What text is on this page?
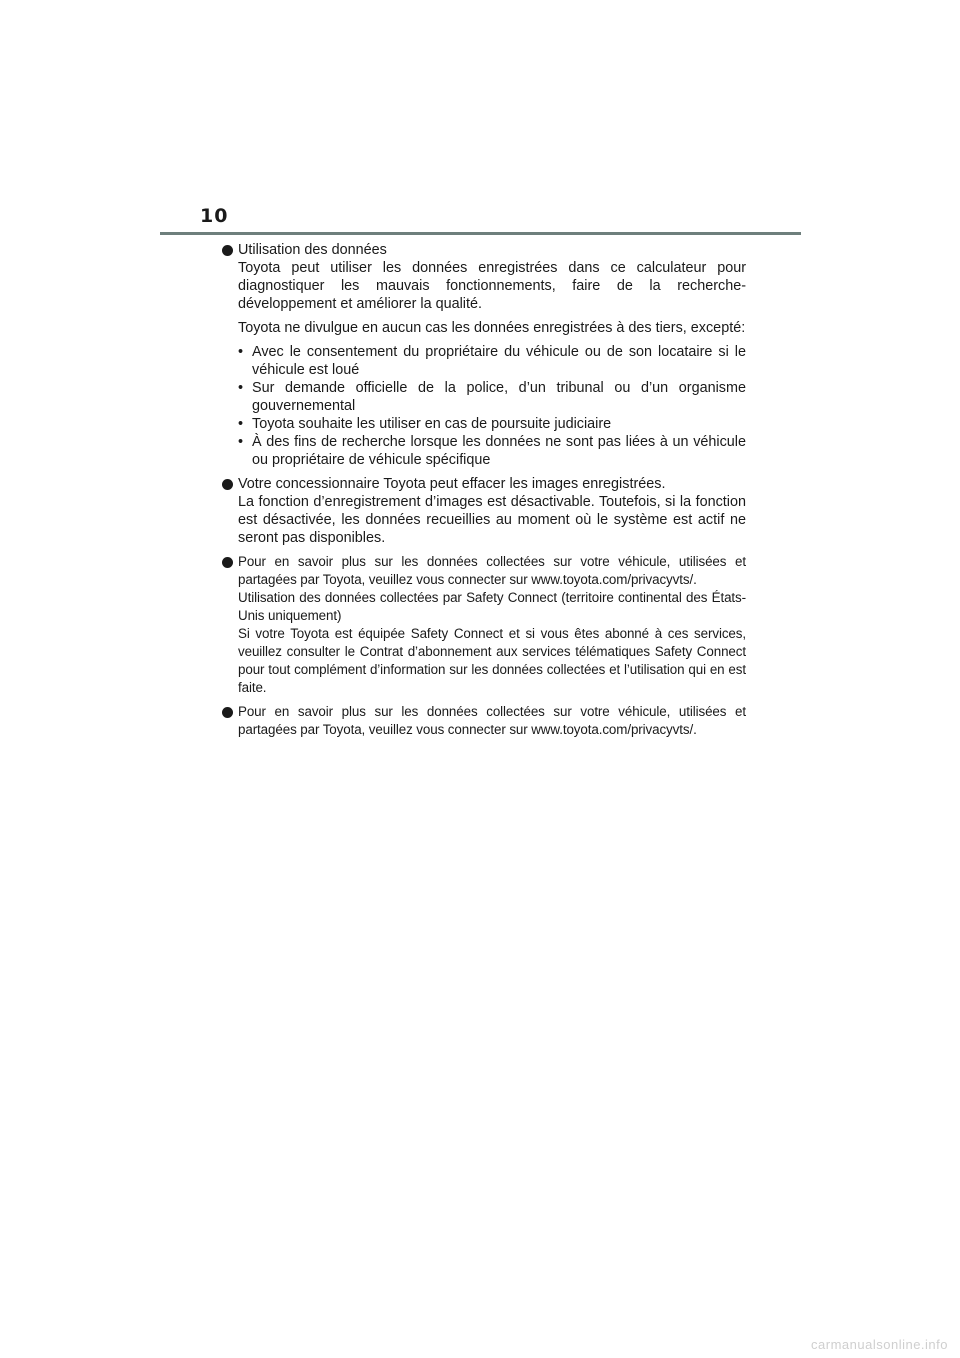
10
Utilisation des données

Toyota peut utiliser les données enregistrées dans ce calculateur pour diagnostiquer les mauvais fonctionnements, faire de la recherche-développement et améliorer la qualité.

Toyota ne divulgue en aucun cas les données enregistrées à des tiers, excepté:

• Avec le consentement du propriétaire du véhicule ou de son locataire si le véhicule est loué
• Sur demande officielle de la police, d’un tribunal ou d’un organisme gouvernemental
• Toyota souhaite les utiliser en cas de poursuite judiciaire
• À des fins de recherche lorsque les données ne sont pas liées à un véhicule ou propriétaire de véhicule spécifique
Votre concessionnaire Toyota peut effacer les images enregistrées.

La fonction d’enregistrement d’images est désactivable. Toutefois, si la fonction est désactivée, les données recueillies au moment où le système est actif ne seront pas disponibles.

Pour en savoir plus sur les données collectées sur votre véhicule, utilisées et partagées par Toyota, veuillez vous connecter sur www.toyota.com/privacyvts/.

Utilisation des données collectées par Safety Connect (territoire continental des États-Unis uniquement)

Si votre Toyota est équipée Safety Connect et si vous êtes abonné à ces services, veuillez consulter le Contrat d’abonnement aux services télématiques Safety Connect pour tout complément d’information sur les données collectées et l’utilisation qui en est faite.

Pour en savoir plus sur les données collectées sur votre véhicule, utilisées et partagées par Toyota, veuillez vous connecter sur www.toyota.com/privacyvts/.
carmanualsonline.info
